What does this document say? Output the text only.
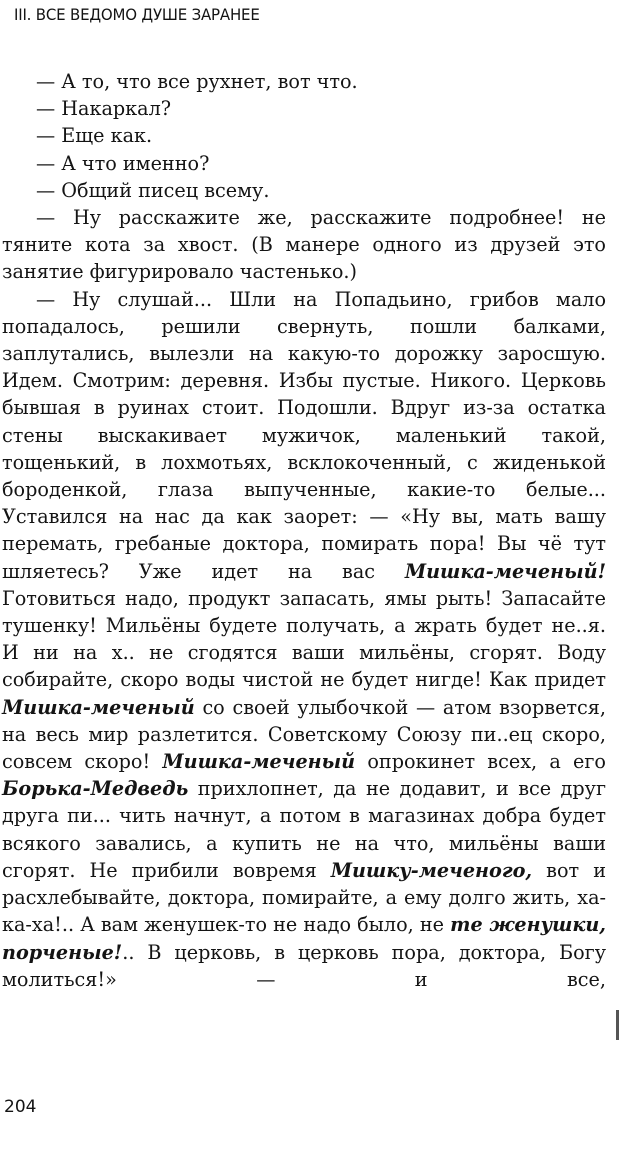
III. ВСЕ ВЕДОМО ДУШЕ ЗАРАНЕЕ

— А то, что все рухнет, вот что.

— Накаркал?

— Еще как.

— А что именно?

— Общий писец всему.

— Ну расскажите же, расскажите подробнее! не тяните кота за хвост. (В манере одного из друзей это занятие фигурировало частенько.)

— Ну слушай... Шли на Попадьино, грибов мало попадалось, решили свернуть, пошли балками, заплутались, вылезли на какую-то дорожку заросшую. Идем. Смотрим: деревня. Избы пустые. Никого. Церковь бывшая в руинах стоит. Подошли. Вдруг из-за остатка стены выскакивает мужичок, маленький такой, тощенький, в лохмотьях, всклокоченный, с жиденькой бороденкой, глаза выпученные, какие-то белые... Уставился на нас да как заорет: — «Ну вы, мать вашу перемать, гребаные доктора, помирать пора! Вы чё тут шляетесь? Уже идет на вас Мишка-меченый! Готовиться надо, продукт запасать, ямы рыть! Запасайте тушенку! Мильёны будете получать, а жрать будет не..я. И ни на х.. не сгодятся ваши мильёны, сгорят. Воду собирайте, скоро воды чистой не будет нигде! Как придет Мишка-меченый со своей улыбочкой — атом взорвется, на весь мир разлетится. Советскому Союзу пи..ец скоро, совсем скоро! Мишка-меченый опрокинет всех, а его Борька-Медведь прихлопнет, да не додавит, и все друг друга пи... чить начнут, а потом в магазинах добра будет всякого завались, а купить не на что, мильёны ваши сгорят. Не прибили вовремя Мишку-меченого, вот и расхлебывайте, доктора, помирайте, а ему долго жить, ха-ка-ха!.. А вам женушек-то не надо было, не те женушки, порченые!.. В церковь, в церковь пора, доктора, Богу молиться!» — и все,

204
